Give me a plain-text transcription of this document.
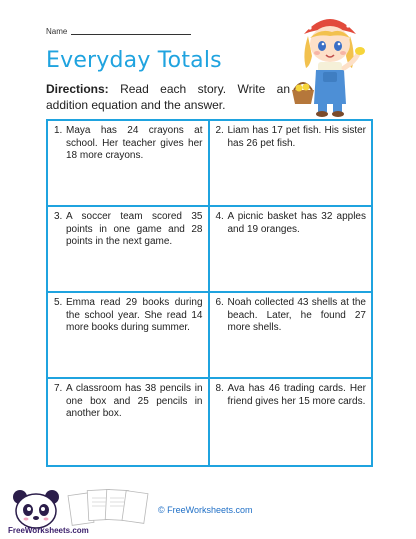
Name
Everyday Totals
Directions: Read each story. Write an addition equation and the answer.
1. Maya has 24 crayons at school. Her teacher gives her 18 more crayons.
2. Liam has 17 pet fish. His sister has 26 pet fish.
3. A soccer team scored 35 points in one game and 28 points in the next game.
4. A picnic basket has 32 apples and 19 oranges.
5. Emma read 29 books during the school year. She read 14 more books during summer.
6. Noah collected 43 shells at the beach. Later, he found 27 more shells.
7. A classroom has 38 pencils in one box and 25 pencils in another box.
8. Ava has 46 trading cards. Her friend gives her 15 more cards.
FreeWorksheets.com
© FreeWorksheets.com
